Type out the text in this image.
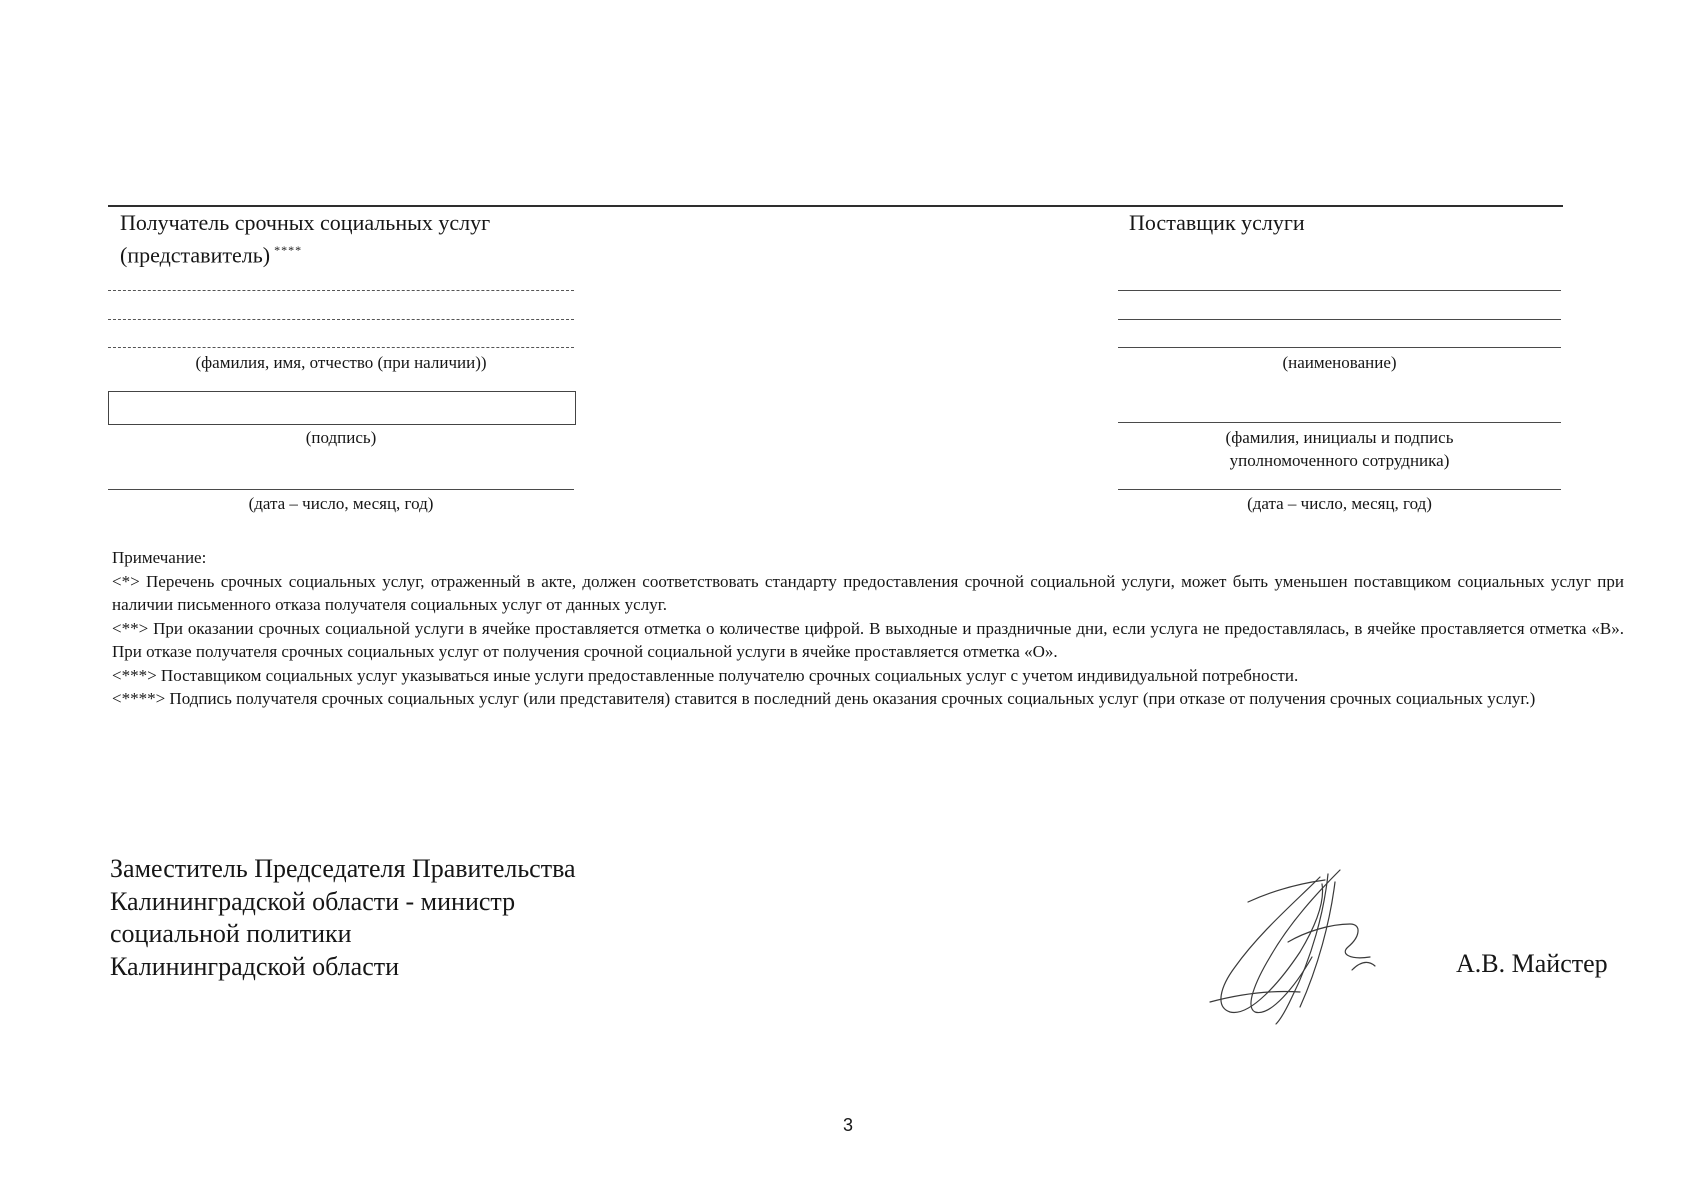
Получатель срочных социальных услуг
(представитель) ****
(фамилия, имя, отчество (при наличии))
(подпись)
(дата – число, месяц, год)
Поставщик услуги
(наименование)
(фамилия, инициалы и подпись
уполномоченного сотрудника)
(дата – число, месяц, год)

Примечание:

<*> Перечень срочных социальных услуг, отраженный в акте, должен соответствовать стандарту предоставления срочной социальной услуги, может быть уменьшен поставщиком социальных услуг при наличии письменного отказа получателя социальных услуг от данных услуг.

<**> При оказании срочных социальной услуги в ячейке проставляется отметка о количестве цифрой. В выходные и праздничные дни, если услуга не предоставлялась, в ячейке проставляется отметка «В». При отказе получателя срочных социальных услуг от получения срочной социальной услуги в ячейке проставляется отметка «О».

<***> Поставщиком социальных услуг указываться иные услуги предоставленные получателю срочных социальных услуг с учетом индивидуальной потребности.

<****> Подпись получателя срочных социальных услуг (или представителя) ставится в последний день оказания срочных социальных услуг (при отказе от получения срочных социальных услуг.)

Заместитель Председателя Правительства
Калининградской области - министр
социальной политики
Калининградской области	А.В. Майстер
3
